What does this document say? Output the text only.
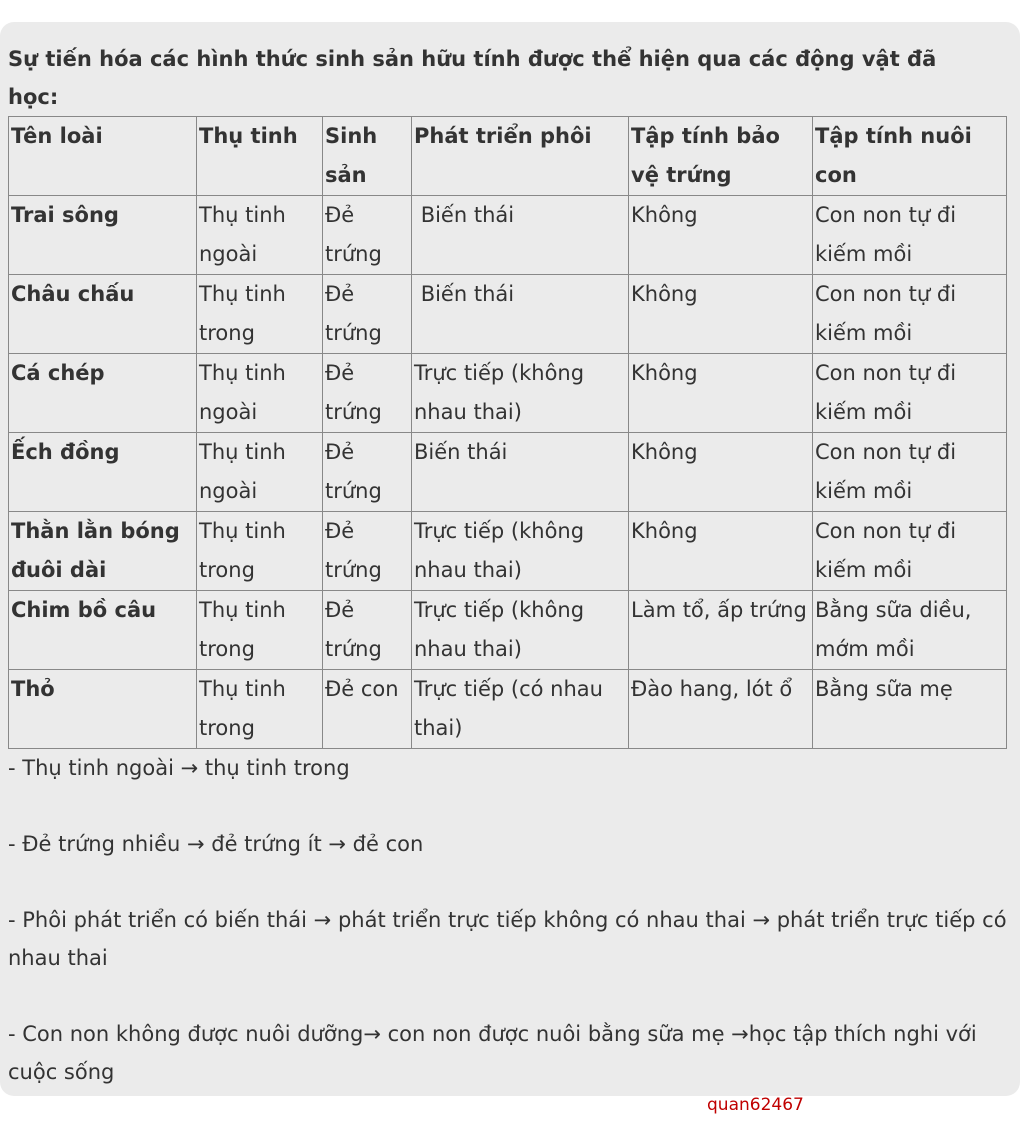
Sự tiến hóa các hình thức sinh sản hữu tính được thể hiện qua các động vật đã học:

Tên loài	Thụ tinh	Sinh sản	Phát triển phôi	Tập tính bảo vệ trứng	Tập tính nuôi con
Trai sông	Thụ tinh ngoài	Đẻ trứng	Biến thái	Không	Con non tự đi kiếm mồi
Châu chấu	Thụ tinh trong	Đẻ trứng	Biến thái	Không	Con non tự đi kiếm mồi
Cá chép	Thụ tinh ngoài	Đẻ trứng	Trực tiếp (không nhau thai)	Không	Con non tự đi kiếm mồi
Ếch đồng	Thụ tinh ngoài	Đẻ trứng	Biến thái	Không	Con non tự đi kiếm mồi
Thằn lằn bóng đuôi dài	Thụ tinh trong	Đẻ trứng	Trực tiếp (không nhau thai)	Không	Con non tự đi kiếm mồi
Chim bồ câu	Thụ tinh trong	Đẻ trứng	Trực tiếp (không nhau thai)	Làm tổ, ấp trứng	Bằng sữa diều, mớm mồi
Thỏ	Thụ tinh trong	Đẻ con	Trực tiếp (có nhau thai)	Đào hang, lót ổ	Bằng sữa mẹ

- Thụ tinh ngoài → thụ tinh trong

- Đẻ trứng nhiều → đẻ trứng ít → đẻ con

- Phôi phát triển có biến thái → phát triển trực tiếp không có nhau thai → phát triển trực tiếp có nhau thai

- Con non không được nuôi dưỡng→ con non được nuôi bằng sữa mẹ →học tập thích nghi với cuộc sống

quan62467
